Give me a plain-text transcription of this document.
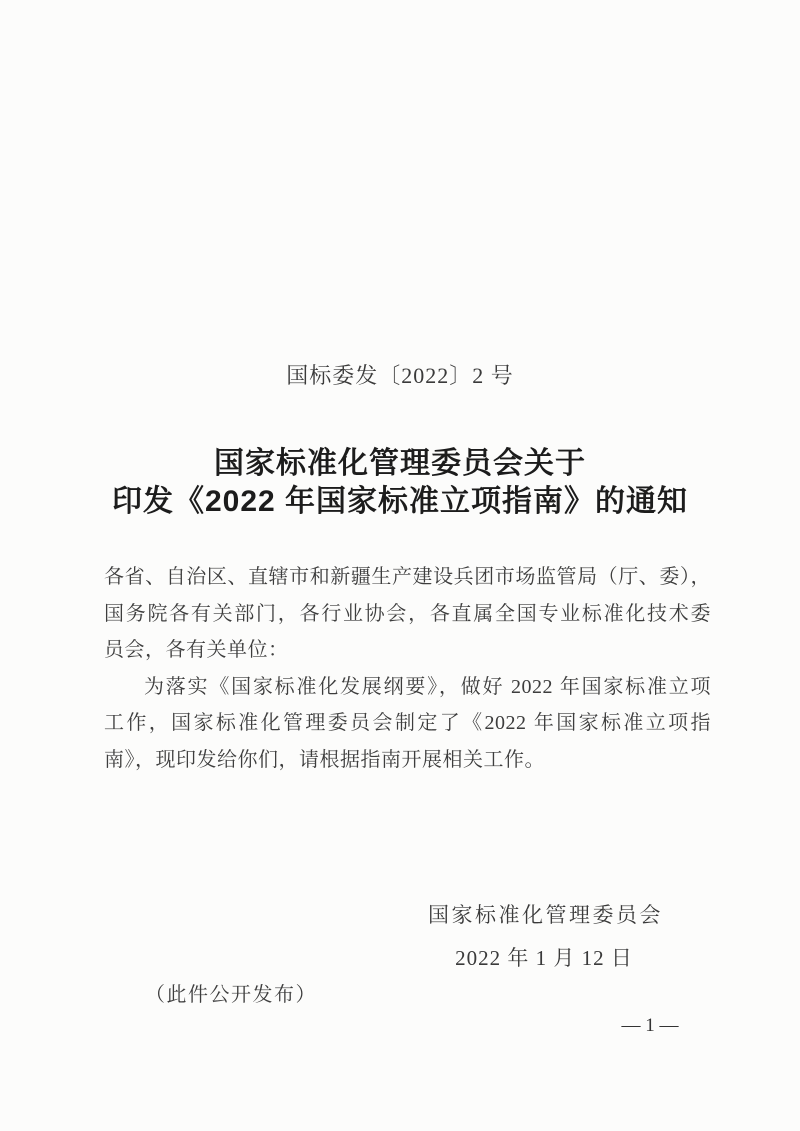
国标委发〔2022〕2 号
国家标准化管理委员会关于
印发《2022 年国家标准立项指南》的通知
各省、自治区、直辖市和新疆生产建设兵团市场监管局（厅、委），
国务院各有关部门，各行业协会，各直属全国专业标准化技术委
员会，各有关单位：
为落实《国家标准化发展纲要》，做好 2022 年国家标准立项
工作，国家标准化管理委员会制定了《2022 年国家标准立项指
南》，现印发给你们，请根据指南开展相关工作。
国家标准化管理委员会
2022 年 1 月 12 日
（此件公开发布）
— 1 —
